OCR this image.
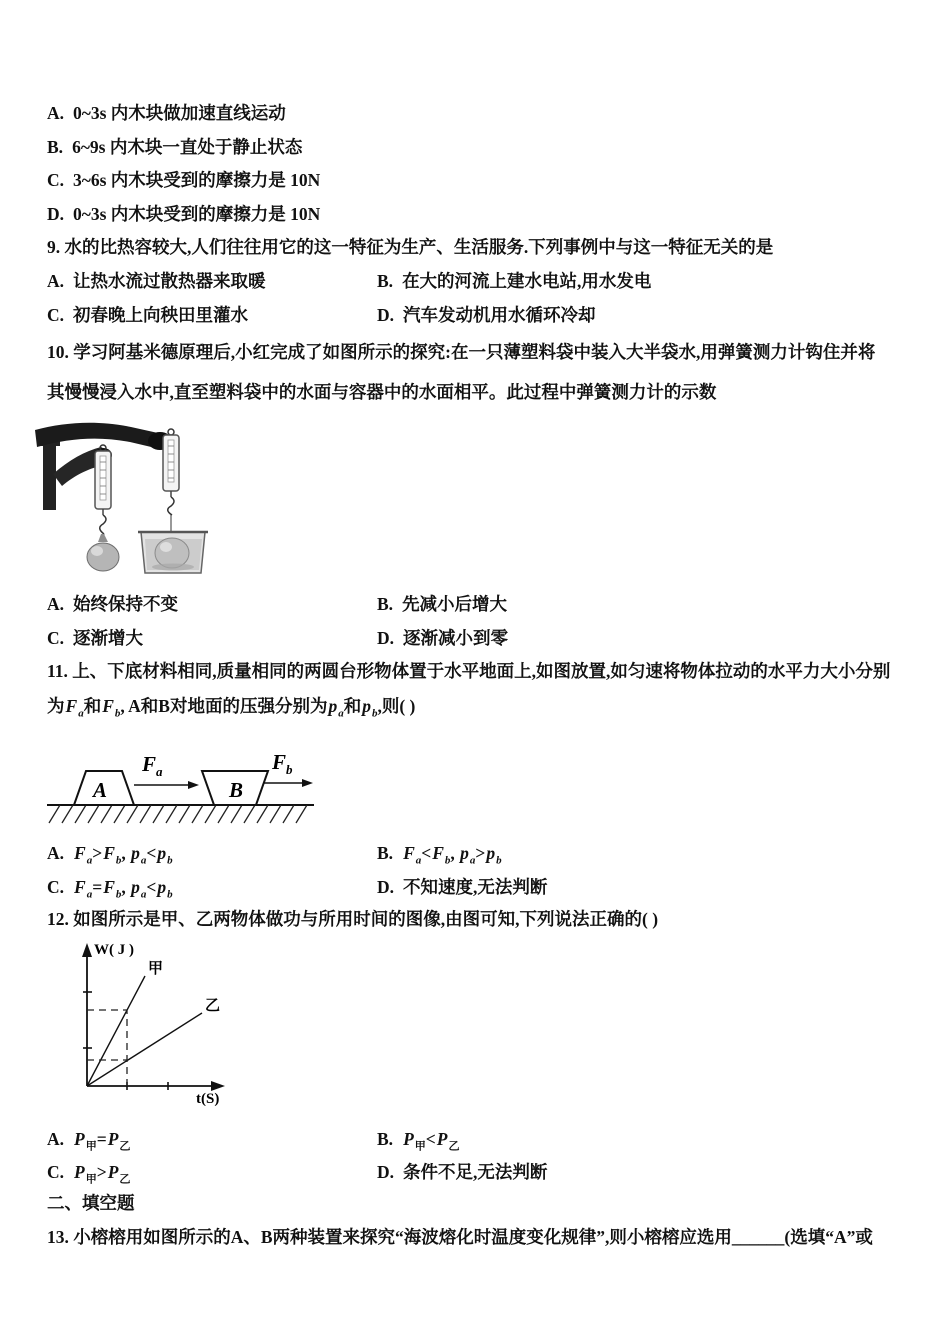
A. 0~3s 内木块做加速直线运动
B. 6~9s 内木块一直处于静止状态
C. 3~6s 内木块受到的摩擦力是 10N
D. 0~3s 内木块受到的摩擦力是 10N
9. 水的比热容较大,人们往往用它的这一特征为生产、生活服务.下列事例中与这一特征无关的是
A. 让热水流过散热器来取暖	B. 在大的河流上建水电站,用水发电
C. 初春晚上向秧田里灌水	D. 汽车发动机用水循环冷却
10. 学习阿基米德原理后,小红完成了如图所示的探究:在一只薄塑料袋中装入大半袋水,用弹簧测力计钩住并将
其慢慢浸入水中,直至塑料袋中的水面与容器中的水面相平。此过程中弹簧测力计的示数
A. 始终保持不变	B. 先减小后增大
C. 逐渐增大	D. 逐渐减小到零
11. 上、下底材料相同,质量相同的两圆台形物体置于水平地面上,如图放置,如匀速将物体拉动的水平力大小分别
为$F_a$和$F_b$, A和B对地面的压强分别为$p_a$和$p_b$,则( )
A
$F_a$
B
$F_b$
A. $F_a>F_b$, $p_a<p_b$	B. $F_a<F_b$, $p_a>p_b$
C. $F_a=F_b$, $p_a<p_b$	D. 不知速度,无法判断
12. 如图所示是甲、乙两物体做功与所用时间的图像,由图可知,下列说法正确的( )
W( J )
t(S)
甲
乙
A. $P_甲=P_乙$	B. $P_甲<P_乙$
C. $P_甲>P_乙$	D. 条件不足,无法判断
二、填空题
13. 小榕榕用如图所示的A、B两种装置来探究“海波熔化时温度变化规律”,则小榕榕应选用______(选填“A”或
